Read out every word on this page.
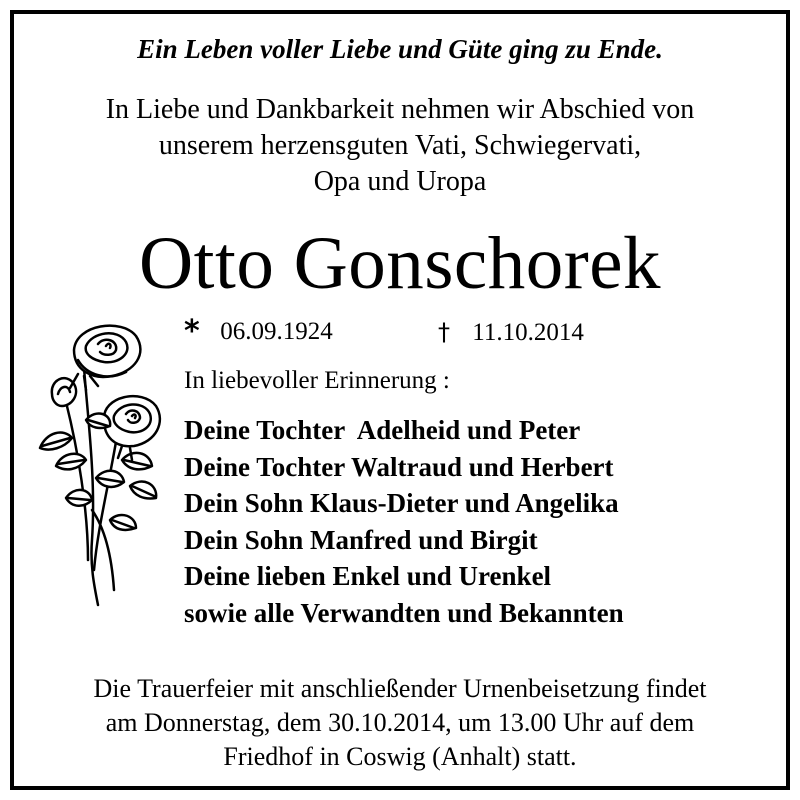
Ein Leben voller Liebe und Güte ging zu Ende.
In Liebe und Dankbarkeit nehmen wir Abschied von
unserem herzensguten Vati, Schwiegervati,
Opa und Uropa
Otto Gonschorek
* 06.09.1924	† 11.10.2014
In liebevoller Erinnerung :
Deine Tochter  Adelheid und Peter
Deine Tochter Waltraud und Herbert
Dein Sohn Klaus-Dieter und Angelika
Dein Sohn Manfred und Birgit
Deine lieben Enkel und Urenkel
sowie alle Verwandten und Bekannten
Die Trauerfeier mit anschließender Urnenbeisetzung findet
am Donnerstag, dem 30.10.2014, um 13.00 Uhr auf dem
Friedhof in Coswig (Anhalt) statt.
